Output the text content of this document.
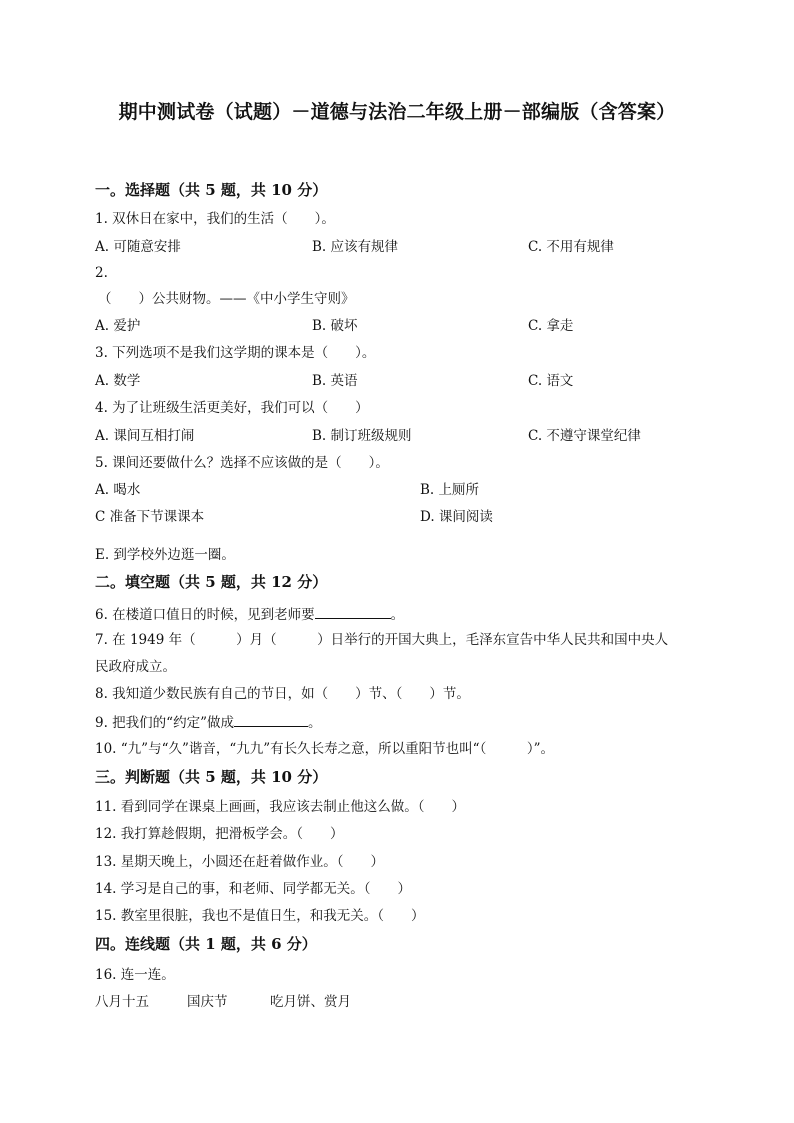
期中测试卷（试题）－道德与法治二年级上册－部编版（含答案）
一。选择题（共 5 题，共 10 分）
1. 双休日在家中，我们的生活（　　）。
A. 可随意安排	B. 应该有规律	C. 不用有规律
2.
（　　）公共财物。——《中小学生守则》
A. 爱护	B. 破坏	C. 拿走
3. 下列选项不是我们这学期的课本是（　　）。
A. 数学	B. 英语	C. 语文
4. 为了让班级生活更美好，我们可以（　　）
A. 课间互相打闹	B. 制订班级规则	C. 不遵守课堂纪律
5. 课间还要做什么？选择不应该做的是（　　）。
A. 喝水	B. 上厕所
C 准备下节课课本	D. 课间阅读
E. 到学校外边逛一圈。
二。填空题（共 5 题，共 12 分）
6. 在楼道口值日的时候，见到老师要	。
7. 在 1949 年（　　　）月（　　　）日举行的开国大典上，毛泽东宣告中华人民共和国中央人
民政府成立。
8. 我知道少数民族有自己的节日，如（　　）节、（　　）节。
9. 把我们的“约定”做成	。
10. “九”与“久”谐音，“九九”有长久长寿之意，所以重阳节也叫“（　　　）”。
三。判断题（共 5 题，共 10 分）
11. 看到同学在课桌上画画，我应该去制止他这么做。（　　）
12. 我打算趁假期，把滑板学会。（　　）
13. 星期天晚上，小圆还在赶着做作业。（　　）
14. 学习是自己的事，和老师、同学都无关。（　　）
15. 教室里很脏，我也不是值日生，和我无关。（　　）
四。连线题（共 1 题，共 6 分）
16. 连一连。
八月十五	国庆节	吃月饼、赏月
